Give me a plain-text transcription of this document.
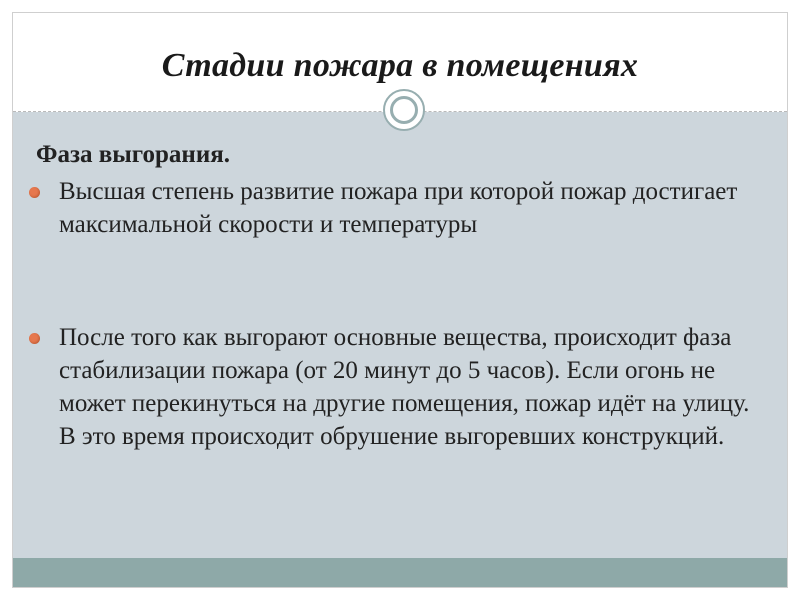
Стадии пожара в помещениях
Фаза выгорания.
Высшая степень развитие пожара при которой пожар достигает максимальной скорости и температуры
После того как выгорают основные вещества, происходит фаза стабилизации пожара (от 20 минут до 5 часов). Если огонь не может перекинуться на другие помещения, пожар идёт на улицу. В это время происходит обрушение выгоревших конструкций.
